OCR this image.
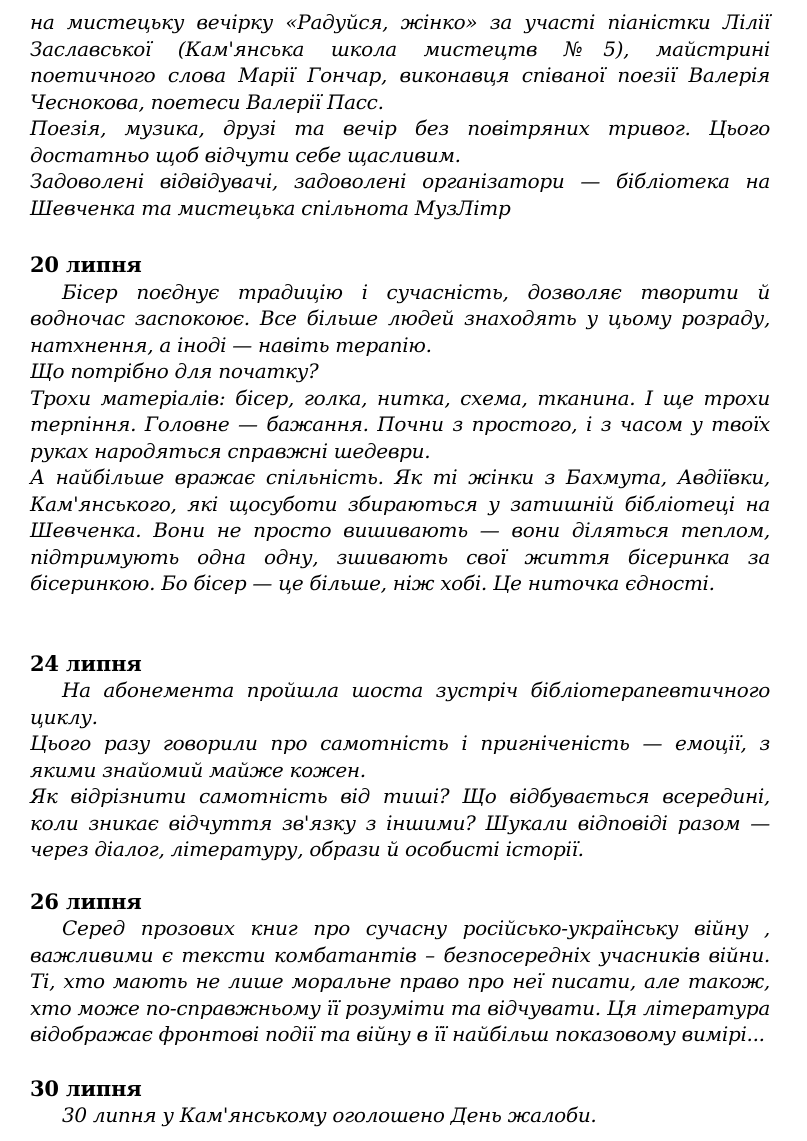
на мистецьку вечірку «Радуйся, жінко» за участі піаністки Лілії Заславської (Кам'янська школа мистецтв №5), майстрині поетичного слова Марії Гончар, виконавця співаної поезії Валерія Чеснокова, поетеси Валерії Пасс.

Поезія, музика, друзі та вечір без повітряних тривог. Цього достатньо щоб відчути себе щасливим.

Задоволені відвідувачі, задоволені організатори — бібліотека на Шевченка та мистецька спільнота МузЛітр

20 липня

Бісер поєднує традицію і сучасність, дозволяє творити й водночас заспокоює. Все більше людей знаходять у цьому розраду, натхнення, а іноді — навіть терапію.

Що потрібно для початку?

Трохи матеріалів: бісер, голка, нитка, схема, тканина. І ще трохи терпіння. Головне — бажання. Почни з простого, і з часом у твоїх руках народяться справжні шедеври.

А найбільше вражає спільність. Як ті жінки з Бахмута, Авдіївки, Кам'янського, які щосуботи збираються у затишній бібліотеці на Шевченка. Вони не просто вишивають — вони діляться теплом, підтримують одна одну, зшивають свої життя бісеринка за бісеринкою. Бо бісер — це більше, ніж хобі. Це ниточка єдності.

24 липня

На абонемента пройшла шоста зустріч бібліотерапевтичного циклу.

Цього разу говорили про самотність і пригніченість — емоції, з якими знайомий майже кожен.

Як відрізнити самотність від тиші? Що відбувається всередині, коли зникає відчуття зв'язку з іншими? Шукали відповіді разом — через діалог, літературу, образи й особисті історії.

26 липня

Серед прозових книг про сучасну російсько-українську війну , важливими є тексти комбатантів – безпосередніх учасників війни. Ті, хто мають не лише моральне право про неї писати, але також, хто може по-справжньому її розуміти та відчувати. Ця література відображає фронтові події та війну в її найбільш показовому вимірі...

30 липня

30 липня у Кам'янському оголошено День жалоби.
